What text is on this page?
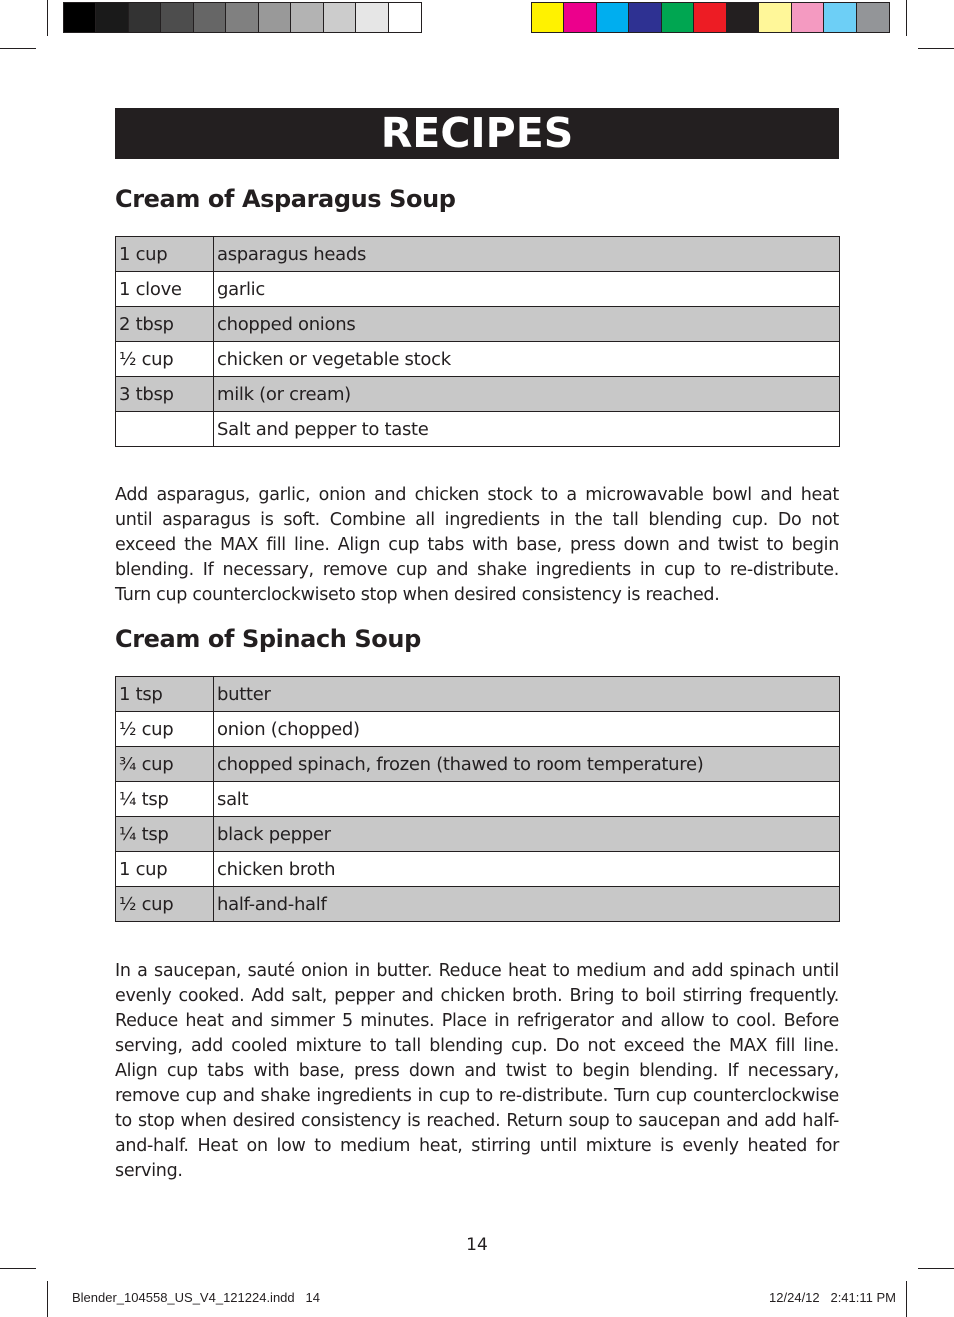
RECIPES
Cream of Asparagus Soup
1 cup	asparagus heads
1 clove	garlic
2 tbsp	chopped onions
½ cup	chicken or vegetable stock
3 tbsp	milk (or cream)
	Salt and pepper to taste
Add asparagus, garlic, onion and chicken stock to a microwavable bowl and heat until asparagus is soft. Combine all ingredients in the tall blending cup. Do not exceed the MAX fill line. Align cup tabs with base, press down and twist to begin blending. If necessary, remove cup and shake ingredients in cup to re-distribute. Turn cup counterclockwiseto stop when desired consistency is reached.
Cream of Spinach Soup
1 tsp	butter
½ cup	onion (chopped)
¾ cup	chopped spinach, frozen (thawed to room temperature)
¼ tsp	salt
¼ tsp	black pepper
1 cup	chicken broth
½ cup	half-and-half
In a saucepan, sauté onion in butter. Reduce heat to medium and add spinach until evenly cooked. Add salt, pepper and chicken broth. Bring to boil stirring frequently. Reduce heat and simmer 5 minutes. Place in refrigerator and allow to cool. Before serving, add cooled mixture to tall blending cup. Do not exceed the MAX fill line. Align cup tabs with base, press down and twist to begin blending. If necessary, remove cup and shake ingredients in cup to re-distribute. Turn cup counterclockwise to stop when desired consistency is reached. Return soup to saucepan and add half-and-half. Heat on low to medium heat, stirring until mixture is evenly heated for serving.
14
Blender_104558_US_V4_121224.indd   14	12/24/12   2:41:11 PM
